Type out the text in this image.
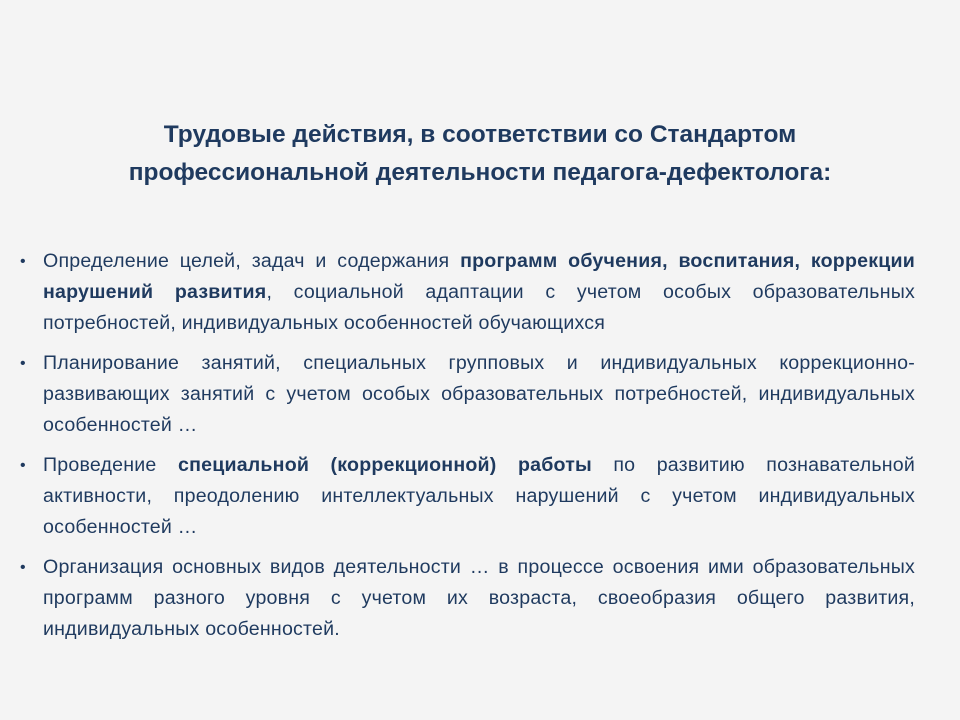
Трудовые действия, в соответствии со Стандартом
профессиональной деятельности педагога-дефектолога:
• Определение целей, задач и содержания программ обучения, воспитания, коррекции нарушений развития, социальной адаптации с учетом особых образовательных потребностей, индивидуальных особенностей обучающихся
• Планирование занятий, специальных групповых и индивидуальных коррекционно-развивающих занятий с учетом особых образовательных потребностей, индивидуальных особенностей …
• Проведение специальной (коррекционной) работы по развитию познавательной активности, преодолению интеллектуальных нарушений с учетом индивидуальных особенностей …
• Организация основных видов деятельности … в процессе освоения ими образовательных программ разного уровня с учетом их возраста, своеобразия общего развития, индивидуальных особенностей.
